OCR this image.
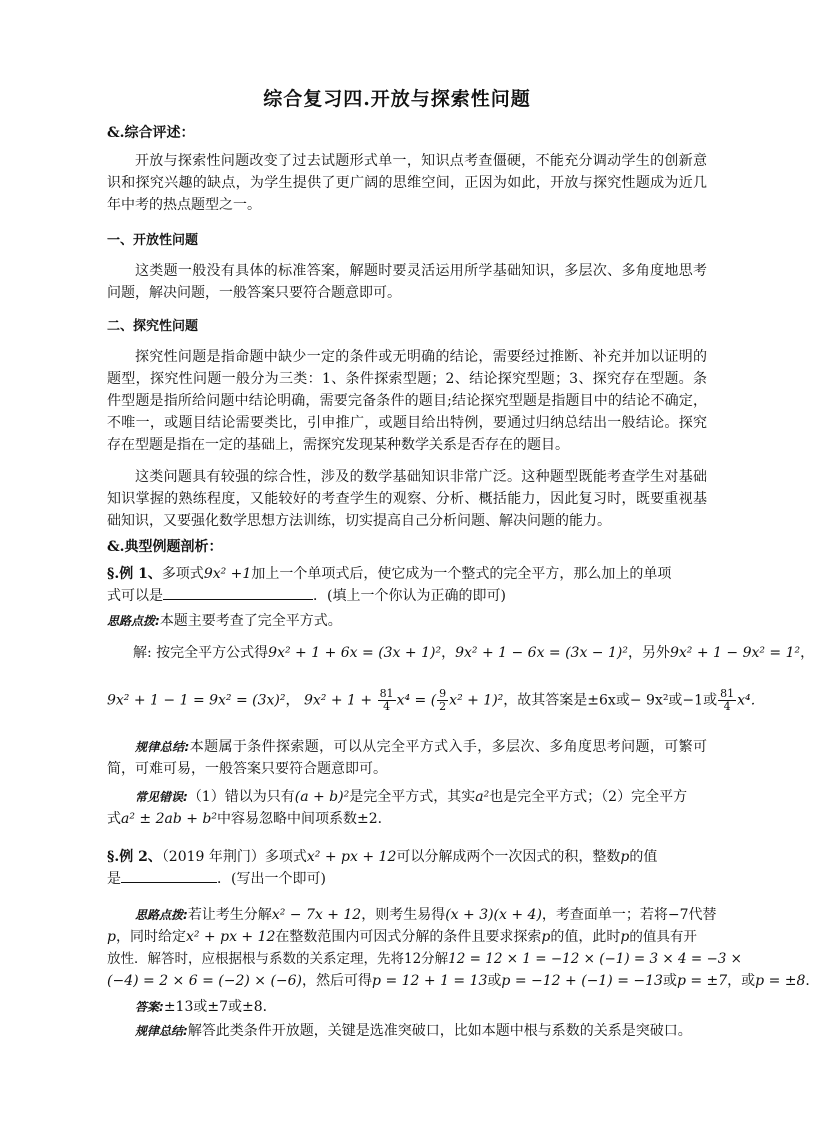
综合复习四.开放与探索性问题
&.综合评述：

开放与探索性问题改变了过去试题形式单一，知识点考查僵硬，不能充分调动学生的创新意识和探究兴趣的缺点，为学生提供了更广阔的思维空间，正因为如此，开放与探究性题成为近几年中考的热点题型之一。

一、开放性问题

这类题一般没有具体的标准答案，解题时要灵活运用所学基础知识，多层次、多角度地思考问题，解决问题，一般答案只要符合题意即可。

二、探究性问题

探究性问题是指命题中缺少一定的条件或无明确的结论，需要经过推断、补充并加以证明的题型，探究性问题一般分为三类：1、条件探索型题；2、结论探究型题；3、探究存在型题。条件型题是指所给问题中结论明确，需要完备条件的题目;结论探究型题是指题目中的结论不确定，不唯一，或题目结论需要类比，引申推广，或题目给出特例，要通过归纳总结出一般结论。探究存在型题是指在一定的基础上，需探究发现某种数学关系是否存在的题目。

这类问题具有较强的综合性，涉及的数学基础知识非常广泛。这种题型既能考查学生对基础知识掌握的熟练程度，又能较好的考查学生的观察、分析、概括能力，因此复习时，既要重视基础知识，又要强化数学思想方法训练，切实提高自己分析问题、解决问题的能力。

&.典型例题剖析：
§.例 1、多项式9x² +1加上一个单项式后，使它成为一个整式的完全平方，那么加上的单项
式可以是	．(填上一个你认为正确的即可)
思路点拨:本题主要考查了完全平方式。
解: 按完全平方公式得9x² + 1 + 6x = (3x + 1)²，9x² + 1 − 6x = (3x − 1)²，另外9x² + 1 − 9x² = 1²，
9x² + 1 − 1 = 9x² = (3x)²， $9x^2 + 1 + \frac{81}{4} x^4$ = ( $\frac{9}{2} x^2 + 1)^2$，故其答案是±6x或− 9x²或−1或 $\frac{81}{4} x^4$．

规律总结:本题属于条件探索题，可以从完全平方式入手，多层次、多角度思考问题，可繁可简，可难可易，一般答案只要符合题意即可。

常见错误:（1）错以为只有(a + b)²是完全平方式，其实a²也是完全平方式；（2）完全平方
式a² ± 2ab + b²中容易忽略中间项系数±2．
§.例 2、（2019 年荆门）多项式x² + px + 12可以分解成两个一次因式的积，整数p的值
是	．(写出一个即可)
思路点拨:若让考生分解x² − 7x + 12，则考生易得(x + 3)(x + 4)，考查面单一；若将−7代替
p，同时给定x² + px + 12在整数范围内可因式分解的条件且要求探索p的值，此时p的值具有开
放性．解答时，应根据根与系数的关系定理，先将12分解12 = 12 × 1 = −12 × (−1) = 3 × 4 = −3 ×
(−4) = 2 × 6 = (−2) × (−6)，然后可得p = 12 + 1 = 13或p = −12 + (−1) = −13或p = ±7，或p = ±8．
答案:±13或±7或±8．
规律总结:解答此类条件开放题，关键是选准突破口，比如本题中根与系数的关系是突破口。
